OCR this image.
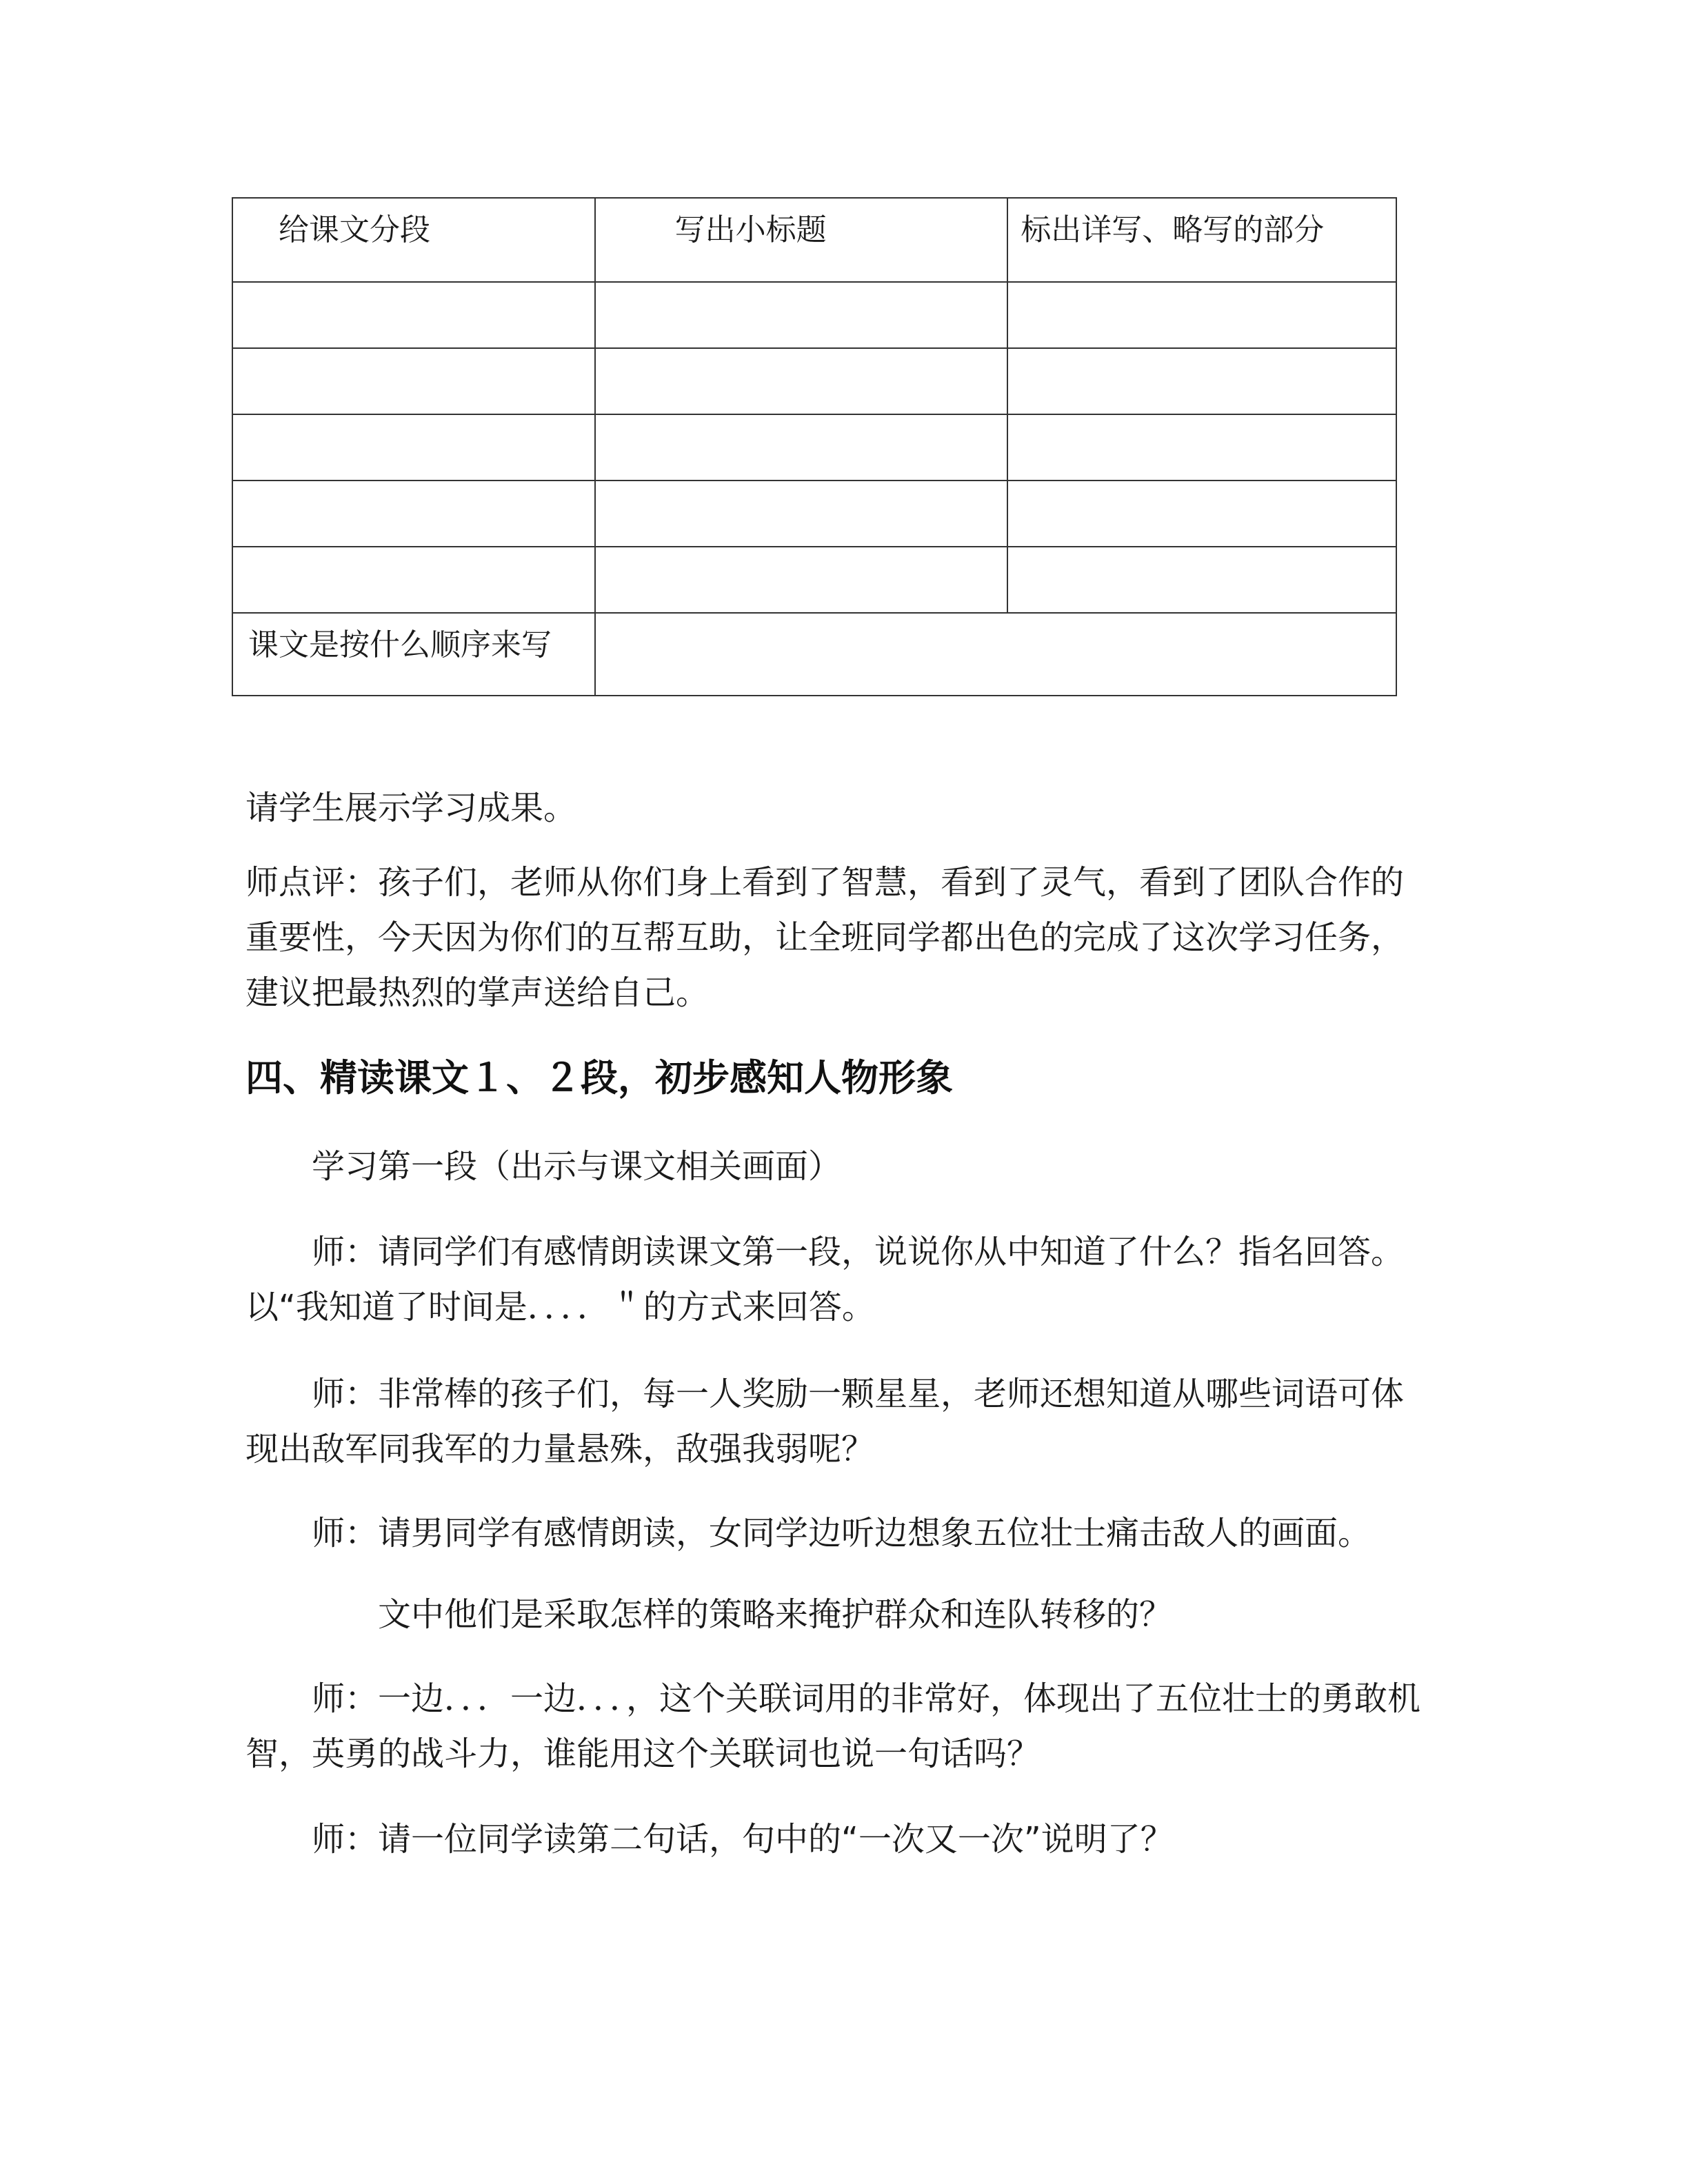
给课文分段	写出小标题	标出详写、略写的部分

课文是按什么顺序来写		

请学生展示学习成果。

师点评：孩子们，老师从你们身上看到了智慧，看到了灵气，看到了团队合作的重要性，今天因为你们的互帮互助，让全班同学都出色的完成了这次学习任务，建议把最热烈的掌声送给自己。

四、精读课文１、２段，初步感知人物形象

学习第一段（出示与课文相关画面）

师：请同学们有感情朗读课文第一段，说说你从中知道了什么？指名回答。以“我知道了时间是．．．．＂的方式来回答。

师：非常棒的孩子们，每一人奖励一颗星星，老师还想知道从哪些词语可体现出敌军同我军的力量悬殊，敌强我弱呢？

师：请男同学有感情朗读，女同学边听边想象五位壮士痛击敌人的画面。

文中他们是采取怎样的策略来掩护群众和连队转移的？

师：一边．．．一边．．．，这个关联词用的非常好，体现出了五位壮士的勇敢机智，英勇的战斗力，谁能用这个关联词也说一句话吗？

师：请一位同学读第二句话，句中的“一次又一次”说明了？
